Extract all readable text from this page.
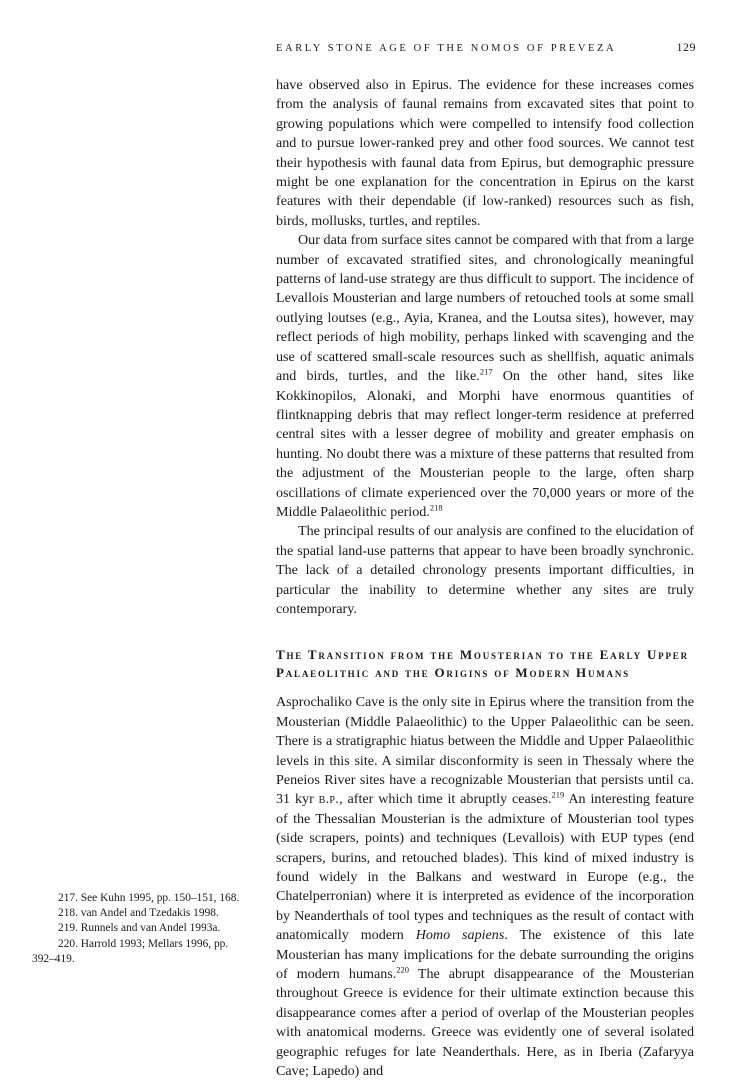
EARLY STONE AGE OF THE NOMOS OF PREVEZA	129

have observed also in Epirus. The evidence for these increases comes from the analysis of faunal remains from excavated sites that point to growing populations which were compelled to intensify food collection and to pursue lower-ranked prey and other food sources. We cannot test their hypothesis with faunal data from Epirus, but demographic pressure might be one explanation for the concentration in Epirus on the karst features with their dependable (if low-ranked) resources such as fish, birds, mollusks, turtles, and reptiles.

Our data from surface sites cannot be compared with that from a large number of excavated stratified sites, and chronologically meaningful patterns of land-use strategy are thus difficult to support. The incidence of Levallois Mousterian and large numbers of retouched tools at some small outlying loutses (e.g., Ayia, Kranea, and the Loutsa sites), however, may reflect periods of high mobility, perhaps linked with scavenging and the use of scattered small-scale resources such as shellfish, aquatic animals and birds, turtles, and the like.$^{217}$ On the other hand, sites like Kokkinopilos, Alonaki, and Morphi have enormous quantities of flintknapping debris that may reflect longer-term residence at preferred central sites with a lesser degree of mobility and greater emphasis on hunting. No doubt there was a mixture of these patterns that resulted from the adjustment of the Mousterian people to the large, often sharp oscillations of climate experienced over the 70,000 years or more of the Middle Palaeolithic period.$^{218}$

The principal results of our analysis are confined to the elucidation of the spatial land-use patterns that appear to have been broadly synchronic. The lack of a detailed chronology presents important difficulties, in particular the inability to determine whether any sites are truly contemporary.

The Transition from the Mousterian to the Early Upper Palaeolithic and the Origins of Modern Humans

Asprochaliko Cave is the only site in Epirus where the transition from the Mousterian (Middle Palaeolithic) to the Upper Palaeolithic can be seen. There is a stratigraphic hiatus between the Middle and Upper Palaeolithic levels in this site. A similar disconformity is seen in Thessaly where the Peneios River sites have a recognizable Mousterian that persists until ca. 31 kyr b.p., after which time it abruptly ceases.$^{219}$ An interesting feature of the Thessalian Mousterian is the admixture of Mousterian tool types (side scrapers, points) and techniques (Levallois) with EUP types (end scrapers, burins, and retouched blades). This kind of mixed industry is found widely in the Balkans and westward in Europe (e.g., the Chatelperronian) where it is interpreted as evidence of the incorporation by Neanderthals of tool types and techniques as the result of contact with anatomically modern Homo sapiens. The existence of this late Mousterian has many implications for the debate surrounding the origins of modern humans.$^{220}$ The abrupt disappearance of the Mousterian throughout Greece is evidence for their ultimate extinction because this disappearance comes after a period of overlap of the Mousterian peoples with anatomical moderns. Greece was evidently one of several isolated geographic refuges for late Neanderthals. Here, as in Iberia (Zafaryya Cave; Lapedo) and

217. See Kuhn 1995, pp. 150–151, 168.
218. van Andel and Tzedakis 1998.
219. Runnels and van Andel 1993a.
220. Harrold 1993; Mellars 1996, pp. 392–419.
